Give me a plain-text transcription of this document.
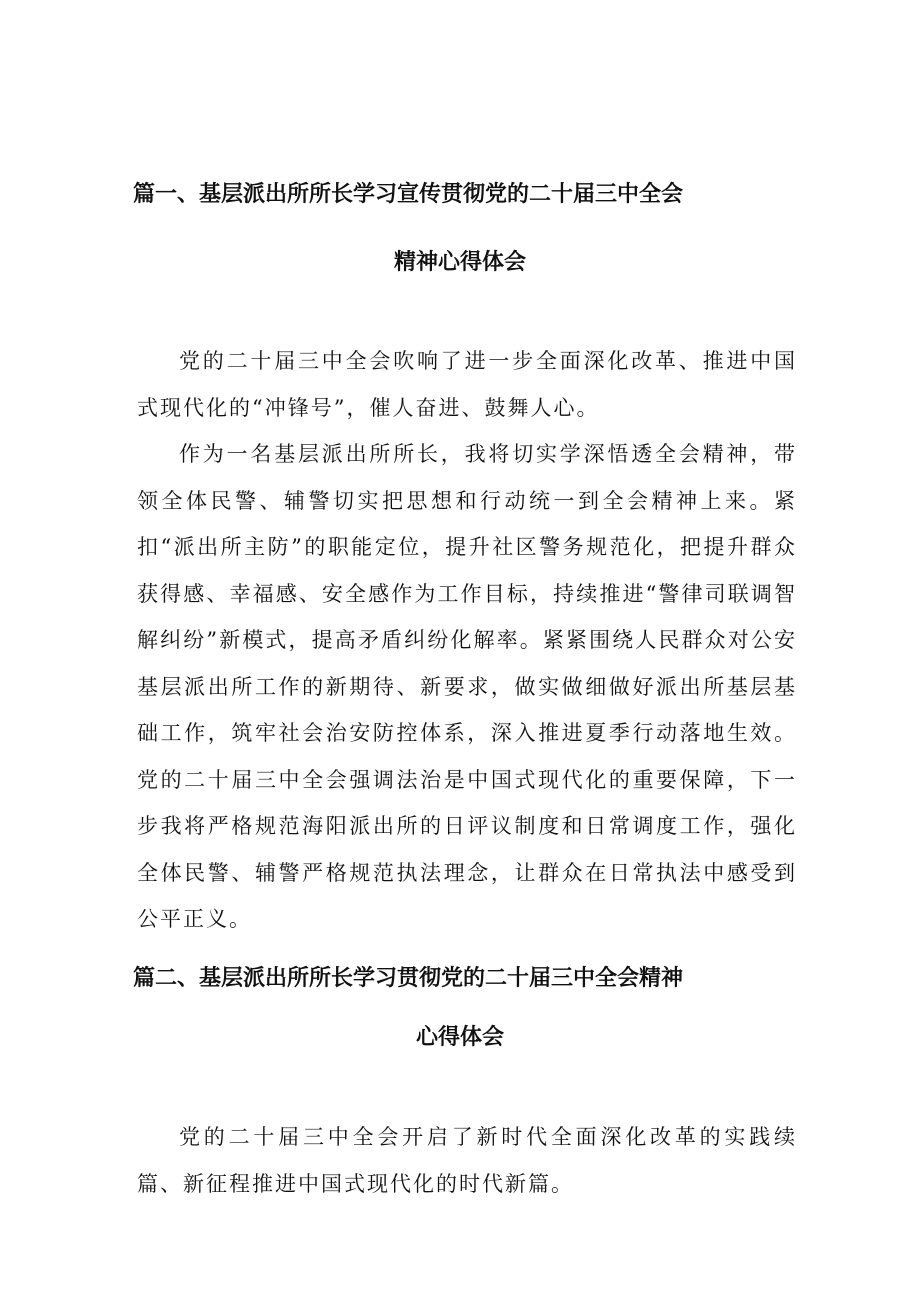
篇一、基层派出所所长学习宣传贯彻党的二十届三中全会
精神心得体会

党的二十届三中全会吹响了进一步全面深化改革、推进中国式现代化的“冲锋号”，催人奋进、鼓舞人心。

作为一名基层派出所所长，我将切实学深悟透全会精神，带领全体民警、辅警切实把思想和行动统一到全会精神上来。紧扣“派出所主防”的职能定位，提升社区警务规范化，把提升群众获得感、幸福感、安全感作为工作目标，持续推进“警律司联调智解纠纷”新模式，提高矛盾纠纷化解率。紧紧围绕人民群众对公安基层派出所工作的新期待、新要求，做实做细做好派出所基层基础工作，筑牢社会治安防控体系，深入推进夏季行动落地生效。党的二十届三中全会强调法治是中国式现代化的重要保障，下一步我将严格规范海阳派出所的日评议制度和日常调度工作，强化全体民警、辅警严格规范执法理念，让群众在日常执法中感受到公平正义。

篇二、基层派出所所长学习贯彻党的二十届三中全会精神
心得体会

党的二十届三中全会开启了新时代全面深化改革的实践续篇、新征程推进中国式现代化的时代新篇。
